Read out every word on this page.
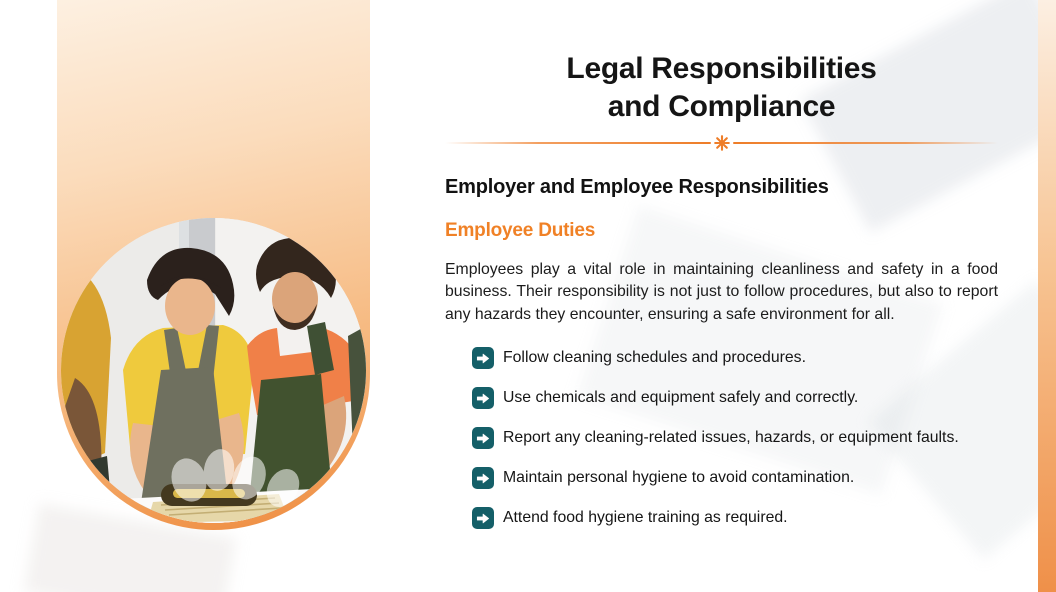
Legal Responsibilities
and Compliance
Employer and Employee Responsibilities
Employee Duties

Employees play a vital role in maintaining cleanliness and safety in a food business. Their responsibility is not just to follow procedures, but also to report any hazards they encounter, ensuring a safe environment for all.

Follow cleaning schedules and procedures.
Use chemicals and equipment safely and correctly.
Report any cleaning-related issues, hazards, or equipment faults.
Maintain personal hygiene to avoid contamination.
Attend food hygiene training as required.
